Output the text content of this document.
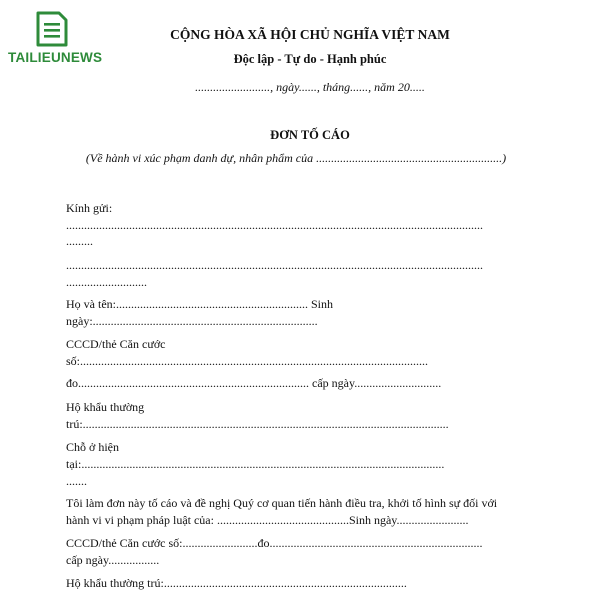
TAILIEUNEWS
CỘNG HÒA XÃ HỘI CHỦ NGHĨA VIỆT NAM
Độc lập - Tự do - Hạnh phúc
........................., ngày......, tháng......, năm 20.....
ĐƠN TỐ CÁO
(Về hành vi xúc phạm danh dự, nhân phẩm của ..............................................................)
Kính gửi:
...........................................................................................................................................
.........
...........................................................................................................................................
...........................
Họ và tên:................................................................ Sinh
ngày:...........................................................................
CCCD/thẻ Căn cước
số:....................................................................................................................
đo............................................................................. cấp ngày.............................
Hộ khẩu thường
trú:..........................................................................................................................
Chỗ ở hiện
tại:.........................................................................................................................
.......
Tôi làm đơn này tố cáo và đề nghị Quý cơ quan tiến hành điều tra, khởi tố hình sự đối với
hành vi vi phạm pháp luật của: ............................................Sinh ngày........................
CCCD/thẻ Căn cước số:.........................đo.......................................................................
cấp ngày.................
Hộ khẩu thường trú:.................................................................................
